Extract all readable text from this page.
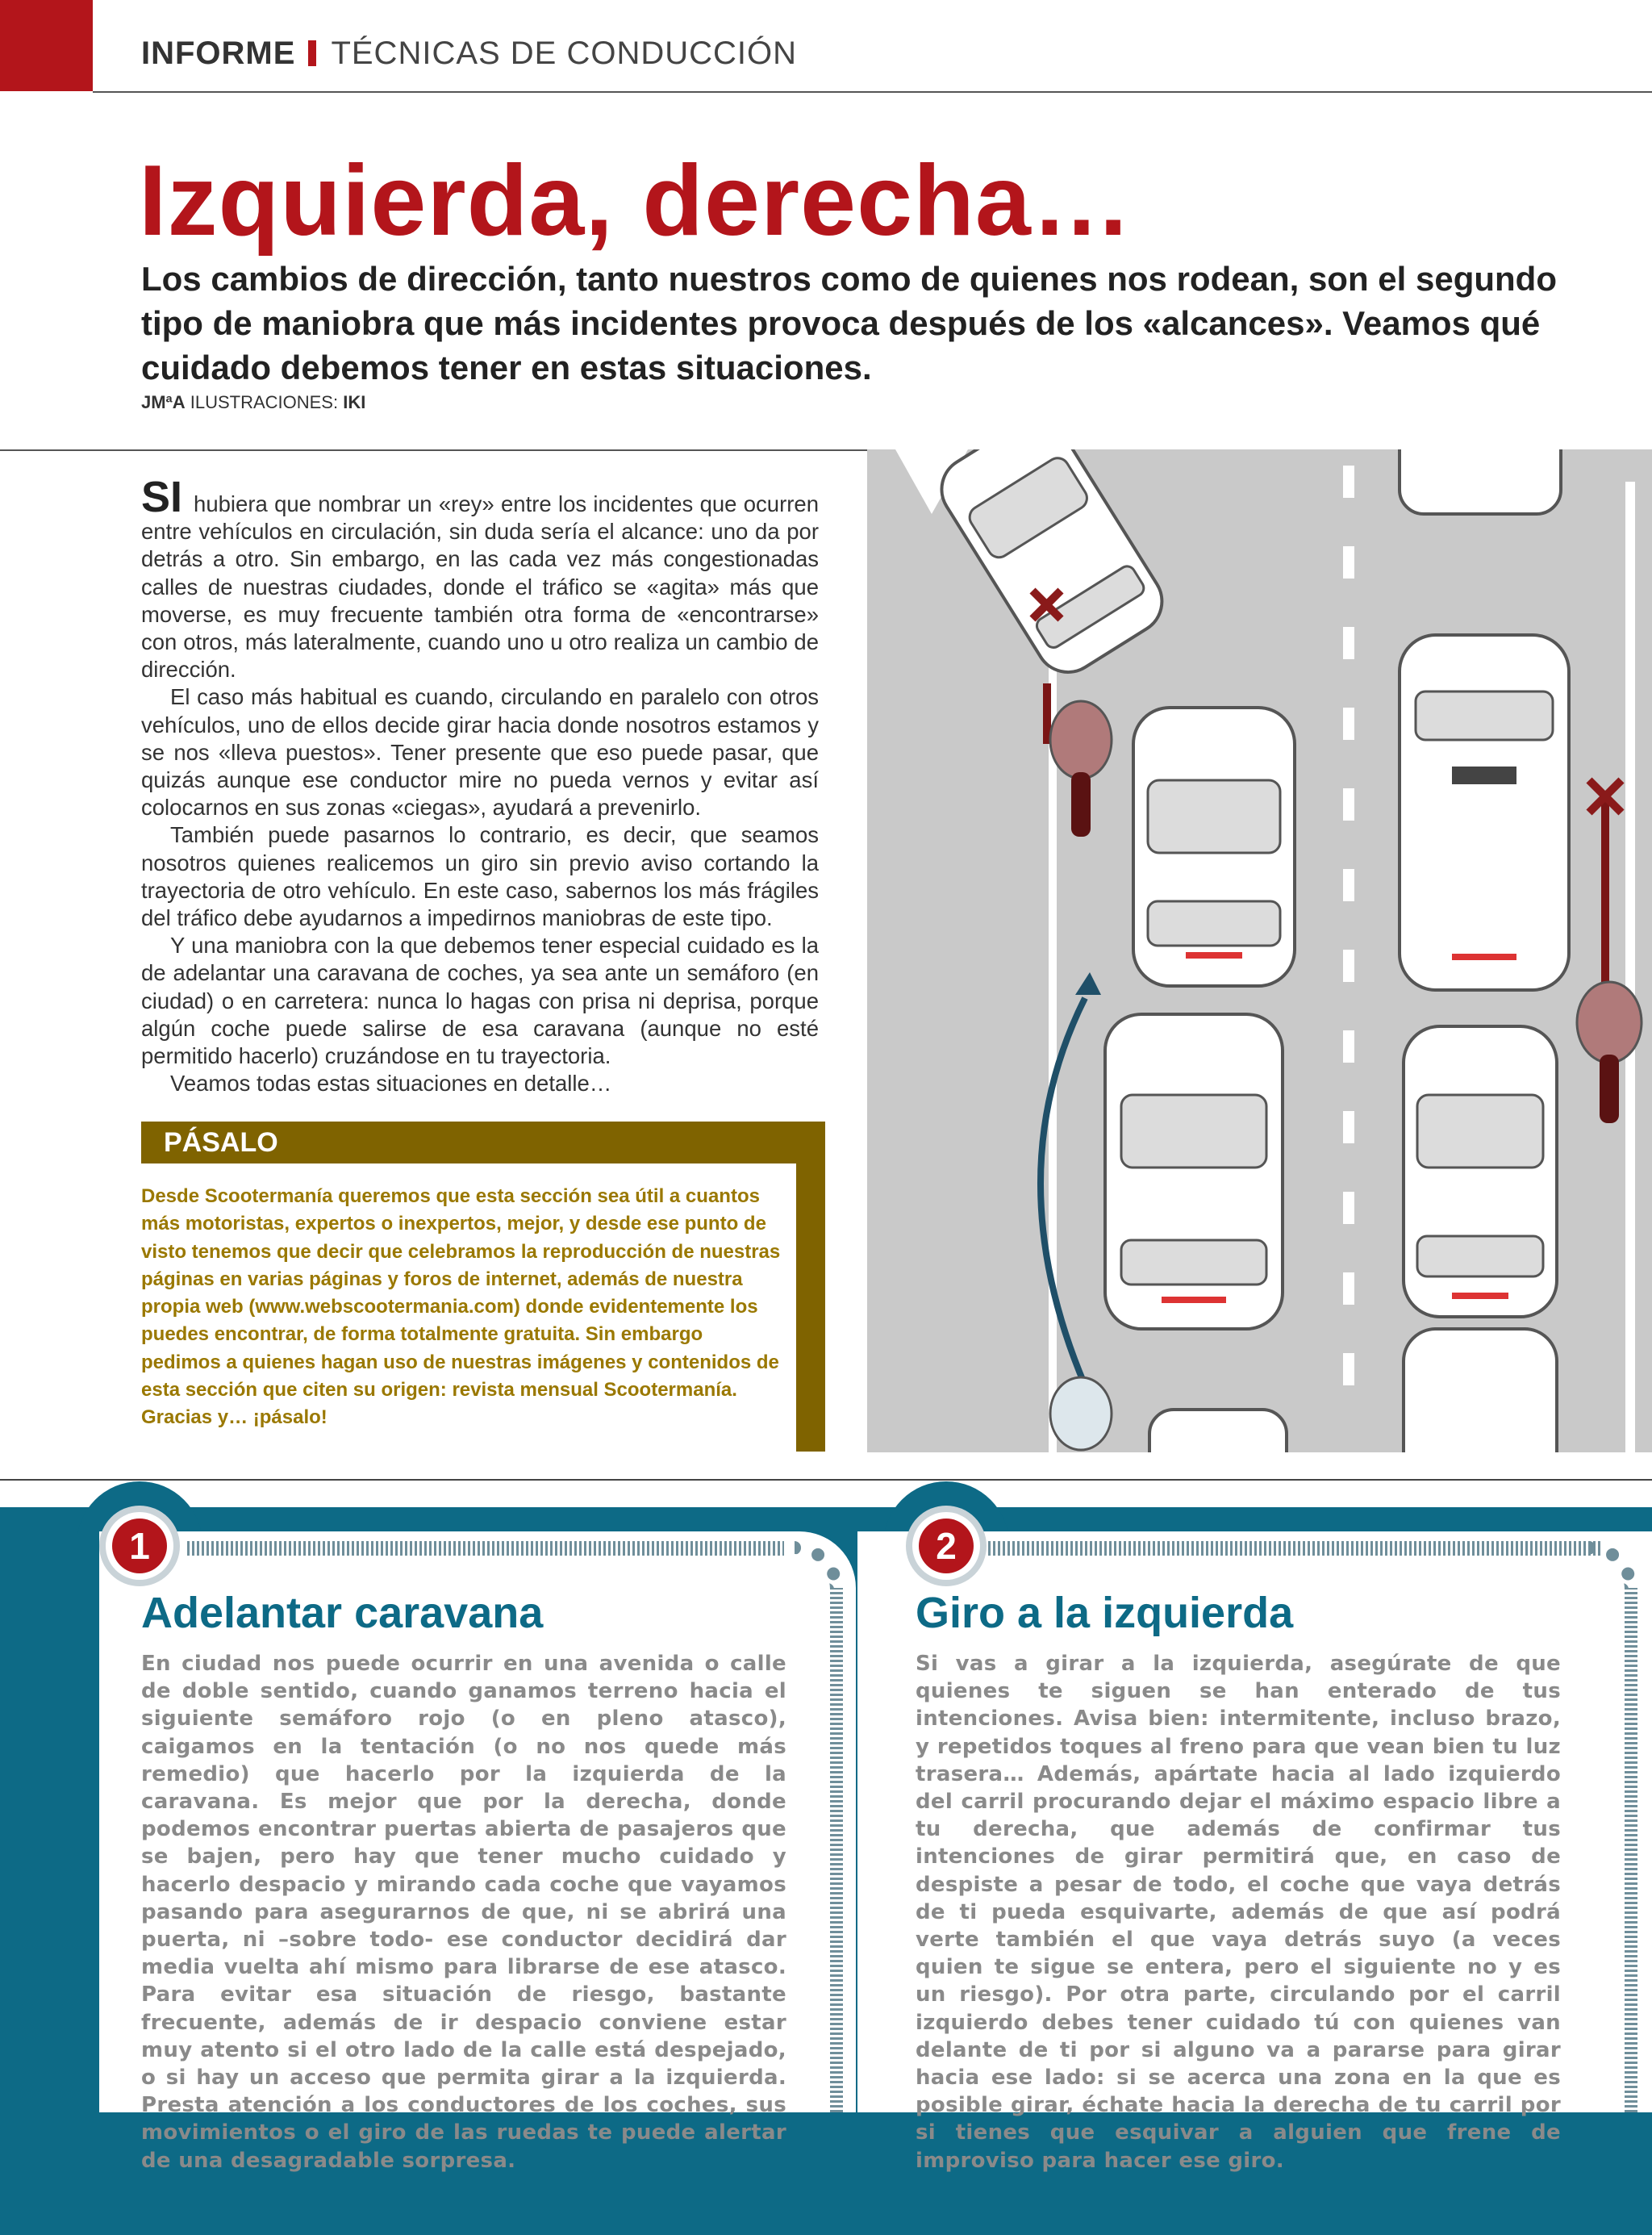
INFORME TÉCNICAS DE CONDUCCIÓN
Izquierda, derecha…
Los cambios de dirección, tanto nuestros como de quienes nos rodean, son el segundo tipo de maniobra que más incidentes provoca después de los «alcances». Veamos qué cuidado debemos tener en estas situaciones.
JMªA ILUSTRACIONES: IKI

SI hubiera que nombrar un «rey» entre los incidentes que ocurren entre vehículos en circulación, sin duda sería el alcance: uno da por detrás a otro. Sin embargo, en las cada vez más congestionadas calles de nuestras ciudades, donde el tráfico se «agita» más que moverse, es muy frecuente también otra forma de «encontrarse» con otros, más lateralmente, cuando uno u otro realiza un cambio de dirección.

El caso más habitual es cuando, circulando en paralelo con otros vehículos, uno de ellos decide girar hacia donde nosotros estamos y se nos «lleva puestos». Tener presente que eso puede pasar, que quizás aunque ese conductor mire no pueda vernos y evitar así colocarnos en sus zonas «ciegas», ayudará a prevenirlo.

También puede pasarnos lo contrario, es decir, que seamos nosotros quienes realicemos un giro sin previo aviso cortando la trayectoria de otro vehículo. En este caso, sabernos los más frágiles del tráfico debe ayudarnos a impedirnos maniobras de este tipo.

Y una maniobra con la que debemos tener especial cuidado es la de adelantar una caravana de coches, ya sea ante un semáforo (en ciudad) o en carretera: nunca lo hagas con prisa ni deprisa, porque algún coche puede salirse de esa caravana (aunque no esté permitido hacerlo) cruzándose en tu trayectoria.

Veamos todas estas situaciones en detalle…

PÁSALO
Desde Scootermanía queremos que esta sección sea útil a cuantos más motoristas, expertos o inexpertos, mejor, y desde ese punto de visto tenemos que decir que celebramos la reproducción de nuestras páginas en varias páginas y foros de internet, además de nuestra propia web (www.webscootermania.com) donde evidentemente los puedes encontrar, de forma totalmente gratuita. Sin embargo pedimos a quienes hagan uso de nuestras imágenes y contenidos de esta sección que citen su origen: revista mensual Scootermanía. Gracias y… ¡pásalo!
1
Adelantar caravana
En ciudad nos puede ocurrir en una avenida o calle de doble sentido, cuando ganamos terreno hacia el siguiente semáforo rojo (o en pleno atasco), caigamos en la tentación (o no nos quede más remedio) que hacerlo por la izquierda de la caravana. Es mejor que por la derecha, donde podemos encontrar puertas abierta de pasajeros que se bajen, pero hay que tener mucho cuidado y hacerlo despacio y mirando cada coche que vayamos pasando para asegurarnos de que, ni se abrirá una puerta, ni –sobre todo- ese conductor decidirá dar media vuelta ahí mismo para librarse de ese atasco. Para evitar esa situación de riesgo, bastante frecuente, además de ir despacio conviene estar muy atento si el otro lado de la calle está despejado, o si hay un acceso que permita girar a la izquierda. Presta atención a los conductores de los coches, sus movimientos o el giro de las ruedas te puede alertar de una desagradable sorpresa.
2
Giro a la izquierda
Si vas a girar a la izquierda, asegúrate de que quienes te siguen se han enterado de tus intenciones. Avisa bien: intermitente, incluso brazo, y repetidos toques al freno para que vean bien tu luz trasera… Además, apártate hacia al lado izquierdo del carril procurando dejar el máximo espacio libre a tu derecha, que además de confirmar tus intenciones de girar permitirá que, en caso de despiste a pesar de todo, el coche que vaya detrás de ti pueda esquivarte, además de que así podrá verte también el que vaya detrás suyo (a veces quien te sigue se entera, pero el siguiente no y es un riesgo). Por otra parte, circulando por el carril izquierdo debes tener cuidado tú con quienes van delante de ti por si alguno va a pararse para girar hacia ese lado: si se acerca una zona en la que es posible girar, échate hacia la derecha de tu carril por si tienes que esquivar a alguien que frene de improviso para hacer ese giro.
